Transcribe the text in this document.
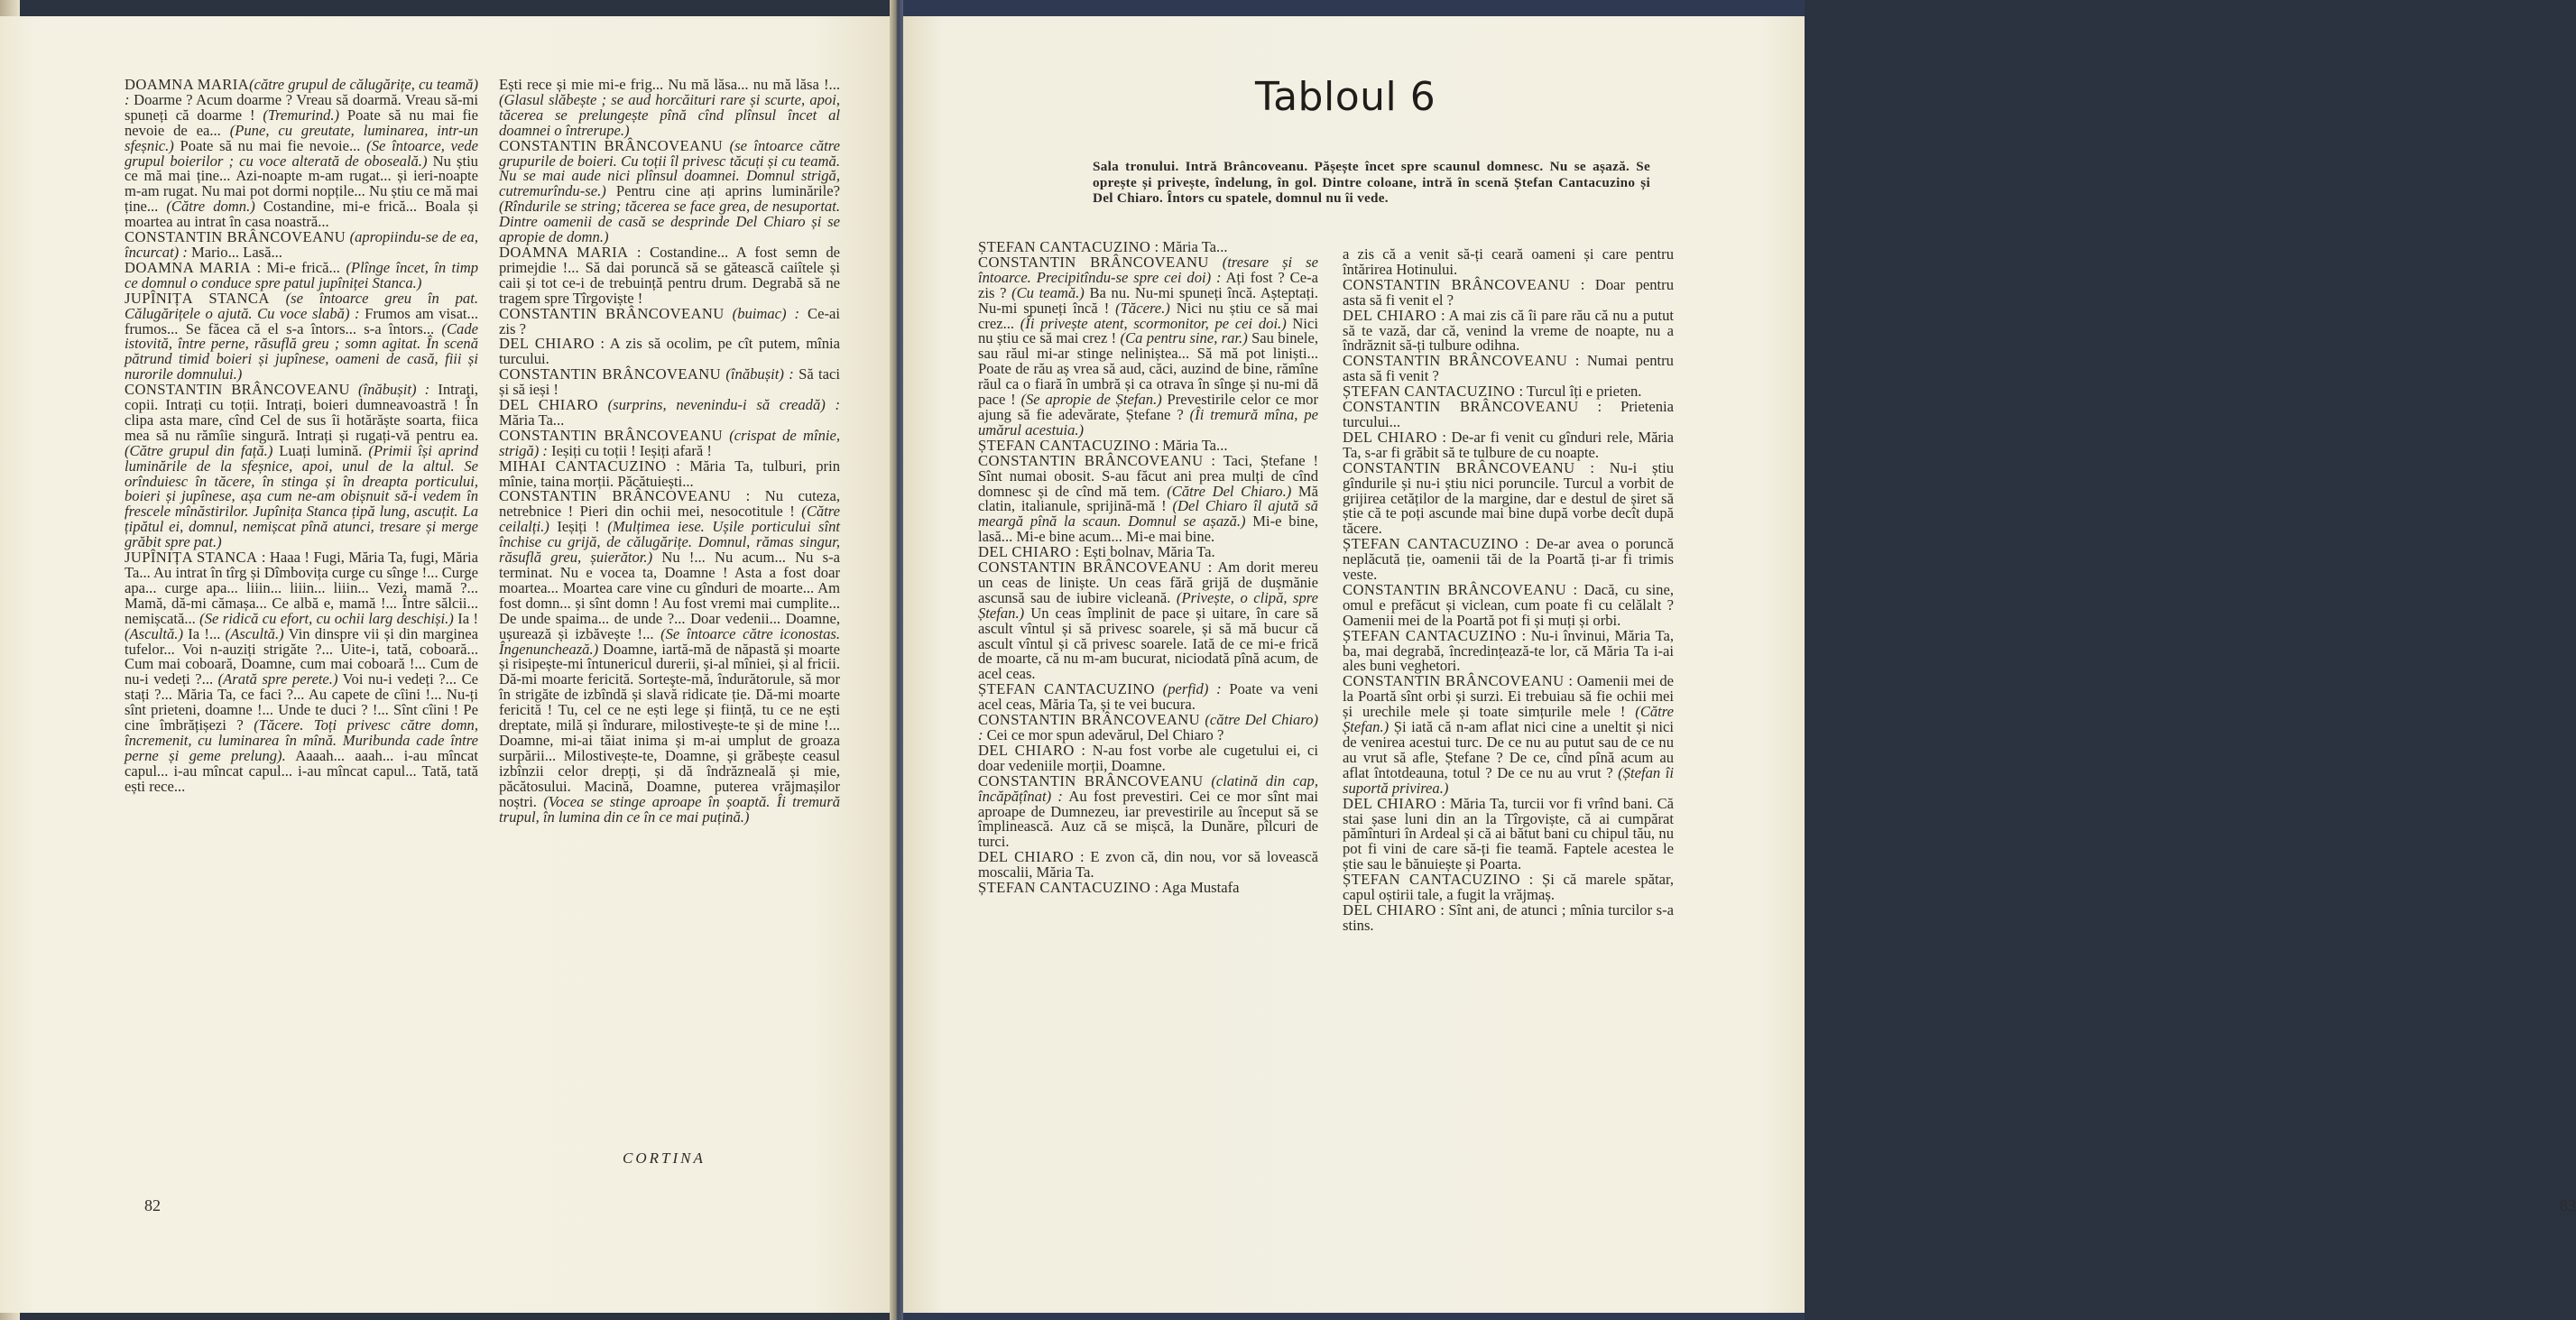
DOAMNA MARIA(către grupul de călugărițe, cu teamă) : Doarme ? Acum doarme ? Vreau să doarmă. Vreau să-mi spuneți că doarme ! (Tremurind.) Poate să nu mai fie nevoie de ea... (Pune, cu greutate, luminarea, intr-un sfeșnic.) Poate să nu mai fie nevoie... (Se întoarce, vede grupul boierilor ; cu voce alterată de oboseală.) Nu știu ce mă mai ține... Azi-noapte m-am rugat... și ieri-noapte m-am rugat. Nu mai pot dormi nopțile... Nu știu ce mă mai ține... (Către domn.) Costandine, mi-e frică... Boala și moartea au intrat în casa noastră...

CONSTANTIN BRÂNCOVEANU (apropiindu-se de ea, încurcat) : Mario... Lasă...

DOAMNA MARIA : Mi-e frică... (Plînge încet, în timp ce domnul o conduce spre patul jupîniței Stanca.)

JUPÎNIȚA STANCA (se întoarce greu în pat. Călugărițele o ajută. Cu voce slabă) : Frumos am visat... frumos... Se făcea că el s-a întors... s-a întors... (Cade istovită, între perne, răsuflă greu ; somn agitat. În scenă pătrund timid boieri și jupînese, oameni de casă, fiii și nurorile domnului.)

CONSTANTIN BRÂNCOVEANU (înăbușit) : Intrați, copii. Intrați cu toții. Intrați, boieri dumneavoastră ! În clipa asta mare, cînd Cel de sus îi hotărăște soarta, fiica mea să nu rămîie singură. Intrați și rugați-vă pentru ea. (Către grupul din față.) Luați lumină. (Primii își aprind luminările de la sfeșnice, apoi, unul de la altul. Se orînduiesc în tăcere, în stinga și în dreapta porticului, boieri și jupînese, așa cum ne-am obișnuit să-i vedem în frescele mînăstirilor. Jupînița Stanca țipă lung, ascuțit. La țipătul ei, domnul, nemișcat pînă atunci, tresare și merge grăbit spre pat.)

JUPÎNIȚA STANCA : Haaa ! Fugi, Măria Ta, fugi, Măria Ta... Au intrat în tîrg și Dîmbovița curge cu sînge !... Curge apa... curge apa... liiin... liiin... liiin... Vezi, mamă ?... Mamă, dă-mi cămașa... Ce albă e, mamă !... Între sălcii... nemișcată... (Se ridică cu efort, cu ochii larg deschiși.) Ia ! (Ascultă.) Ia !... (Ascultă.) Vin dinspre vii și din marginea tufelor... Voi n-auziți strigăte ?... Uite-i, tată, coboară... Cum mai coboară, Doamne, cum mai coboară !... Cum de nu-i vedeți ?... (Arată spre perete.) Voi nu-i vedeți ?... Ce stați ?... Măria Ta, ce faci ?... Au capete de cîini !... Nu-ți sînt prieteni, doamne !... Unde te duci ? !... Sînt cîini ! Pe cine îmbrățișezi ? (Tăcere. Toți privesc către domn, încremenit, cu luminarea în mînă. Muribunda cade între perne și geme prelung). Aaaah... aaah... i-au mîncat capul... i-au mîncat capul... i-au mîncat capul... Tată, tată ești rece...

Ești rece și mie mi-e frig... Nu mă lăsa... nu mă lăsa !... (Glasul slăbește ; se aud horcăituri rare și scurte, apoi, tăcerea se prelungește pînă cînd plînsul încet al doamnei o întrerupe.)

CONSTANTIN BRÂNCOVEANU (se întoarce către grupurile de boieri. Cu toții îl privesc tăcuți și cu teamă. Nu se mai aude nici plînsul doamnei. Domnul strigă, cutremurîndu-se.) Pentru cine ați aprins luminările? (Rîndurile se string; tăcerea se face grea, de nesuportat. Dintre oamenii de casă se desprinde Del Chiaro și se apropie de domn.)

DOAMNA MARIA : Costandine... A fost semn de primejdie !... Să dai poruncă să se gătească caiîtele și caii și tot ce-i de trebuință pentru drum. Degrabă să ne tragem spre Tîrgoviște !

CONSTANTIN BRÂNCOVEANU (buimac) : Ce-ai zis ?

DEL CHIARO : A zis să ocolim, pe cît putem, mînia turcului.

CONSTANTIN BRÂNCOVEANU (înăbușit) : Să taci și să ieși !

DEL CHIARO (surprins, nevenindu-i să creadă) : Măria Ta...

CONSTANTIN BRÂNCOVEANU (crispat de mînie, strigă) : Ieșiți cu toții ! Ieșiți afară !

MIHAI CANTACUZINO : Măria Ta, tulburi, prin mînie, taina morții. Păcătuiești...

CONSTANTIN BRÂNCOVEANU : Nu cuteza, netrebnice ! Pieri din ochii mei, nesocotitule ! (Către ceilalți.) Ieșiți ! (Mulțimea iese. Ușile porticului sînt închise cu grijă, de călugărițe. Domnul, rămas singur, răsuflă greu, șuierător.) Nu !... Nu acum... Nu s-a terminat. Nu e vocea ta, Doamne ! Asta a fost doar moartea... Moartea care vine cu gînduri de moarte... Am fost domn... și sînt domn ! Au fost vremi mai cumplite... De unde spaima... de unde ?... Doar vedenii... Doamne, ușurează și izbăvește !... (Se întoarce către iconostas. Îngenunchează.) Doamne, iartă-mă de năpastă și moarte și risipește-mi întunericul durerii, și-al mîniei, și al fricii. Dă-mi moarte fericită. Sorteşte-mă, îndurătorule, să mor în strigăte de izbîndă și slavă ridicate ție. Dă-mi moarte fericită ! Tu, cel ce ne ești lege și ființă, tu ce ne ești dreptate, milă și îndurare, milostivește-te și de mine !... Doamne, mi-ai tăiat inima și m-ai umplut de groaza surpării... Milostivește-te, Doamne, și grăbește ceasul izbînzii celor drepți, și dă îndrăzneală și mie, păcătosului. Macină, Doamne, puterea vrăjmașilor noștri. (Vocea se stinge aproape în șoaptă. Îi tremură trupul, în lumina din ce în ce mai puțină.)

CORTINA
82
Tabloul 6
Sala tronului. Intră Brâncoveanu. Pășește încet spre scaunul domnesc. Nu se așază. Se oprește și privește, îndelung, în gol. Dintre coloane, intră în scenă Ștefan Cantacuzino și Del Chiaro. Întors cu spatele, domnul nu îi vede.

ȘTEFAN CANTACUZINO : Măria Ta...

CONSTANTIN BRÂNCOVEANU (tresare și se întoarce. Precipitîndu-se spre cei doi) : Ați fost ? Ce-a zis ? (Cu teamă.) Ba nu. Nu-mi spuneți încă. Așteptați. Nu-mi spuneți încă ! (Tăcere.) Nici nu știu ce să mai crez... (Îi privește atent, scormonitor, pe cei doi.) Nici nu știu ce să mai crez ! (Ca pentru sine, rar.) Sau binele, sau răul mi-ar stinge neliniștea... Să mă pot liniști... Poate de rău aș vrea să aud, căci, auzind de bine, rămîne răul ca o fiară în umbră și ca otrava în sînge și nu-mi dă pace ! (Se apropie de Ștefan.) Prevestirile celor ce mor ajung să fie adevărate, Ștefane ? (Îi tremură mîna, pe umărul acestuia.)

ȘTEFAN CANTACUZINO : Măria Ta...

CONSTANTIN BRÂNCOVEANU : Taci, Ștefane ! Sînt numai obosit. S-au făcut ani prea mulți de cînd domnesc și de cînd mă tem. (Către Del Chiaro.) Mă clatin, italianule, sprijină-mă ! (Del Chiaro îl ajută să meargă pînă la scaun. Domnul se așază.) Mi-e bine, lasă... Mi-e bine acum... Mi-e mai bine.

DEL CHIARO : Ești bolnav, Măria Ta.

CONSTANTIN BRÂNCOVEANU : Am dorit mereu un ceas de liniște. Un ceas fără grijă de dușmănie ascunsă sau de iubire vicleană. (Privește, o clipă, spre Ștefan.) Un ceas împlinit de pace și uitare, în care să ascult vîntul și să privesc soarele, și să mă bucur că ascult vîntul și că privesc soarele. Iată de ce mi-e frică de moarte, că nu m-am bucurat, niciodată pînă acum, de acel ceas.

ȘTEFAN CANTACUZINO (perfid) : Poate va veni acel ceas, Măria Ta, și te vei bucura.

CONSTANTIN BRÂNCOVEANU (către Del Chiaro) : Cei ce mor spun adevărul, Del Chiaro ?

DEL CHIARO : N-au fost vorbe ale cugetului ei, ci doar vedeniile morții, Doamne.

CONSTANTIN BRÂNCOVEANU (clatină din cap, încăpățînat) : Au fost prevestiri. Cei ce mor sînt mai aproape de Dumnezeu, iar prevestirile au început să se împlinească. Auz că se mișcă, la Dunăre, pîlcuri de turci.

DEL CHIARO : E zvon că, din nou, vor să lovească moscalii, Măria Ta.

ȘTEFAN CANTACUZINO : Aga Mustafa

a zis că a venit să-ți ceară oameni și care pentru întărirea Hotinului.

CONSTANTIN BRÂNCOVEANU : Doar pentru asta să fi venit el ?

DEL CHIARO : A mai zis că îi pare rău că nu a putut să te vază, dar că, venind la vreme de noapte, nu a îndrăznit să-ți tulbure odihna.

CONSTANTIN BRÂNCOVEANU : Numai pentru asta să fi venit ?

ȘTEFAN CANTACUZINO : Turcul îți e prieten.

CONSTANTIN BRÂNCOVEANU : Prietenia turcului...

DEL CHIARO : De-ar fi venit cu gînduri rele, Măria Ta, s-ar fi grăbit să te tulbure de cu noapte.

CONSTANTIN BRÂNCOVEANU : Nu-i știu gîndurile și nu-i știu nici poruncile. Turcul a vorbit de grijirea cetăților de la margine, dar e destul de șiret să știe că te poți ascunde mai bine după vorbe decît după tăcere.

ȘTEFAN CANTACUZINO : De-ar avea o poruncă neplăcută ție, oamenii tăi de la Poartă ți-ar fi trimis veste.

CONSTANTIN BRÂNCOVEANU : Dacă, cu sine, omul e prefăcut și viclean, cum poate fi cu celălalt ? Oamenii mei de la Poartă pot fi și muți și orbi.

ȘTEFAN CANTACUZINO : Nu-i învinui, Măria Ta, ba, mai degrabă, încredințează-te lor, că Măria Ta i-ai ales buni veghetori.

CONSTANTIN BRÂNCOVEANU : Oamenii mei de la Poartă sînt orbi și surzi. Ei trebuiau să fie ochii mei și urechile mele și toate simțurile mele ! (Către Ștefan.) Și iată că n-am aflat nici cine a uneltit și nici de venirea acestui turc. De ce nu au putut sau de ce nu au vrut să afle, Ștefane ? De ce, cînd pînă acum au aflat întotdeauna, totul ? De ce nu au vrut ? (Ștefan îi suportă privirea.)

DEL CHIARO : Măria Ta, turcii vor fi vrînd bani. Că stai șase luni din an la Tîrgoviște, că ai cumpărat pămînturi în Ardeal și că ai bătut bani cu chipul tău, nu pot fi vini de care să-ți fie teamă. Faptele acestea le știe sau le bănuiește și Poarta.

ȘTEFAN CANTACUZINO : Și că marele spătar, capul oștirii tale, a fugit la vrăjmaș.

DEL CHIARO : Sînt ani, de atunci ; mînia turcilor s-a stins.

83
